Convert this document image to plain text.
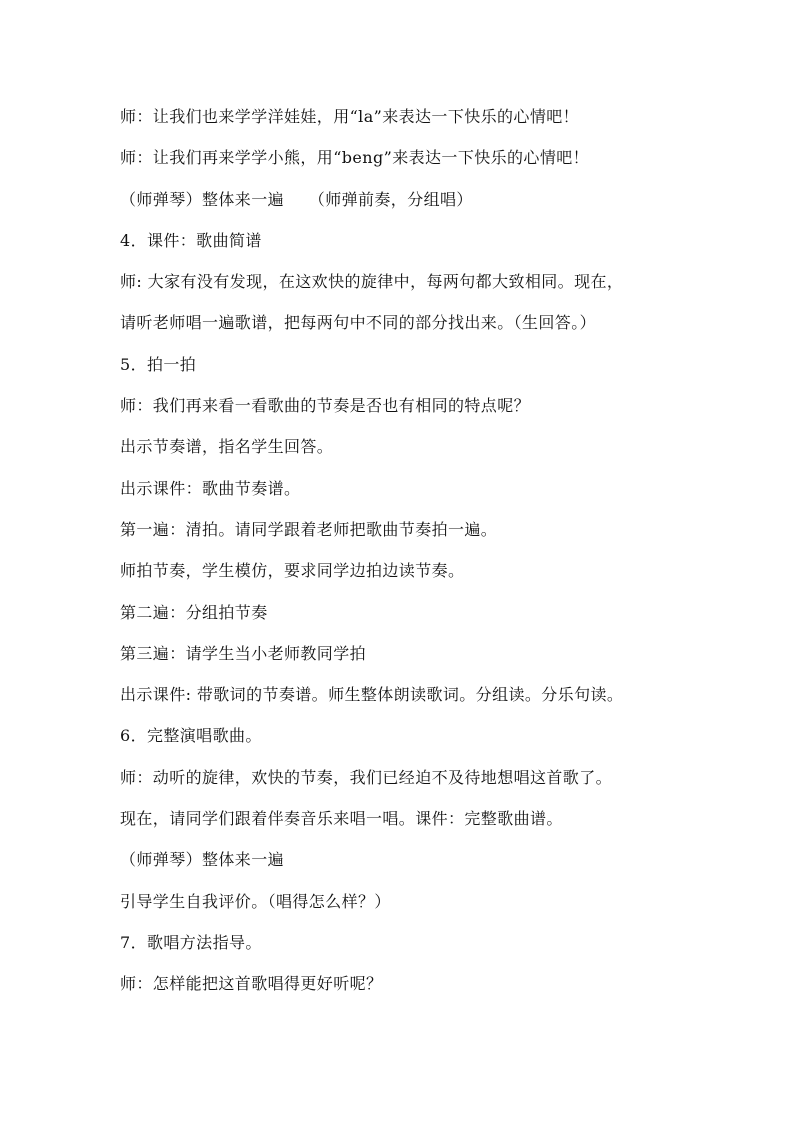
师：让我们也来学学洋娃娃，用“la”来表达一下快乐的心情吧！
师：让我们再来学学小熊，用“beng”来表达一下快乐的心情吧！
（师弹琴）整体来一遍　　（师弹前奏，分组唱）
4．课件：歌曲简谱
师: 大家有没有发现，在这欢快的旋律中，每两句都大致相同。现在，
请听老师唱一遍歌谱，把每两句中不同的部分找出来。（生回答。）
5．拍一拍
师：我们再来看一看歌曲的节奏是否也有相同的特点呢？
出示节奏谱，指名学生回答。
出示课件：歌曲节奏谱。
第一遍：清拍。请同学跟着老师把歌曲节奏拍一遍。
师拍节奏，学生模仿，要求同学边拍边读节奏。
第二遍：分组拍节奏
第三遍：请学生当小老师教同学拍
出示课件: 带歌词的节奏谱。师生整体朗读歌词。分组读。分乐句读。
6．完整演唱歌曲。
师：动听的旋律，欢快的节奏，我们已经迫不及待地想唱这首歌了。
现在，请同学们跟着伴奏音乐来唱一唱。课件：完整歌曲谱。
（师弹琴）整体来一遍
引导学生自我评价。（唱得怎么样？）
7．歌唱方法指导。
师：怎样能把这首歌唱得更好听呢？
